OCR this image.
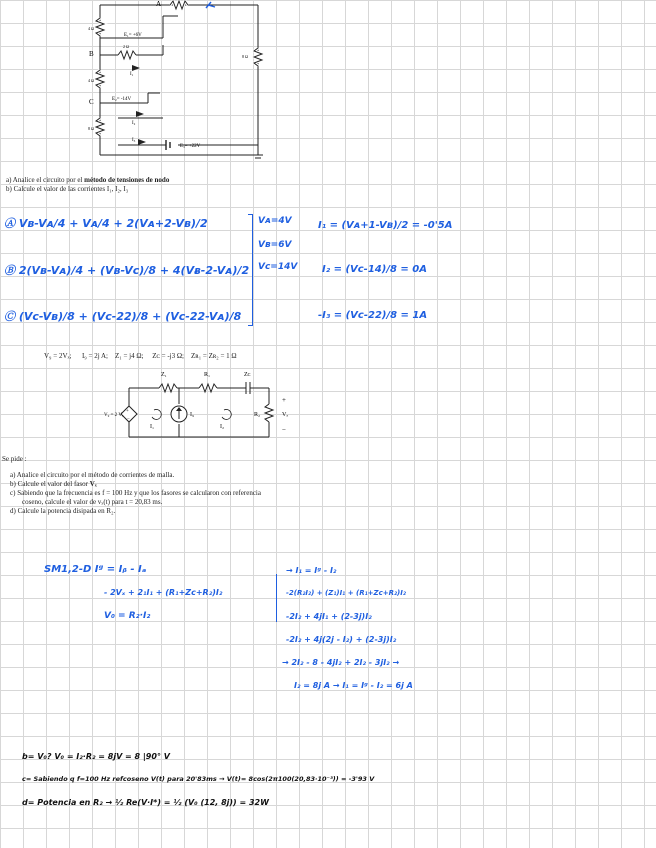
A
B
C
4 Ω
4 Ω
8 Ω
2 Ω
8 Ω
E₁= +6V
E₂= -14V
E₃= +22V
I₁
I₂
I₃

a) Analice el circuito por el método de tensiones de nodo

b) Calcule el valor de las corrientes I₁, I₂, I₃

Ⓐ Vʙ-Vᴀ/4 + Vᴀ/4 + 2(Vᴀ+2-Vʙ)/2
Ⓑ 2(Vʙ-Vᴀ)/4 + (Vʙ-Vᴄ)/8 + 4(Vᴃ-2-Vᴀ)/2
Ⓒ (Vᴄ-Vʙ)/8 + (Vᴄ-22)/8 + (Vᴄ-22-Vᴀ)/8
Vᴀ=4V
Vʙ=6V
Vᴄ=14V
I₁ = (Vᴀ+1-Vʙ)/2 = -0'5A
I₂ = (Vᴄ-14)/8 = 0A
-I₃ = (Vᴄ-22)/8 = 1A
V₉ = 2Vₓ;      I₉ = 2j A;    Z₁ = j4 Ω;     Zᴄ = -j3 Ω;    Zʀ₁ = Zʀ₂ = 1 Ω
+
−
Z₁	R₁	Zᴄ
V₉ = 2 Vₓ
I₁
I₉
I₂
R₂	Vₓ
+
−

Se pide :

a) Analice el circuito por el método de corrientes de malla.

b) Calcule el valor del fasor Vₓ

c) Sabiendo que la frecuencia es f = 100 Hz y que los fasores se calcularon con referencia

coseno, calcule el valor de vₓ(t) para t = 20,83 ms.

d) Calcule la potencia disipada en R₂.

SM1,2-D Iᵍ = Iᵦ - Iₐ
- 2Vₓ + 2₁I₁ + (R₁+Zc+R₂)I₂
V₀ = R₂·I₂
→ I₁ = Iᵍ - I₂
-2(R₂I₂) + (Z₁)I₁ + (R₁+Zc+R₂)I₂
-2I₂ + 4jI₁ + (2-3j)I₂
-2I₂ + 4j(2j - I₂) + (2-3j)I₂
→ 2I₂ - 8 - 4jI₂ + 2I₂ - 3jI₂ →
I₂ = 8j A → I₁ = Iᵍ - I₂ = 6j A
b= V₀? V₀ = I₂·R₂ = 8jV = 8 |90° V
c= Sabiendo q f=100 Hz refcoseno V(t) para 20'83ms → V(t)= 8cos(2π100(20,83·10⁻³)) = -3'93 V
d= Potencia en R₂ → ½ Re(V·I*) = ½ (V₀ (12, 8j)) = 32W
